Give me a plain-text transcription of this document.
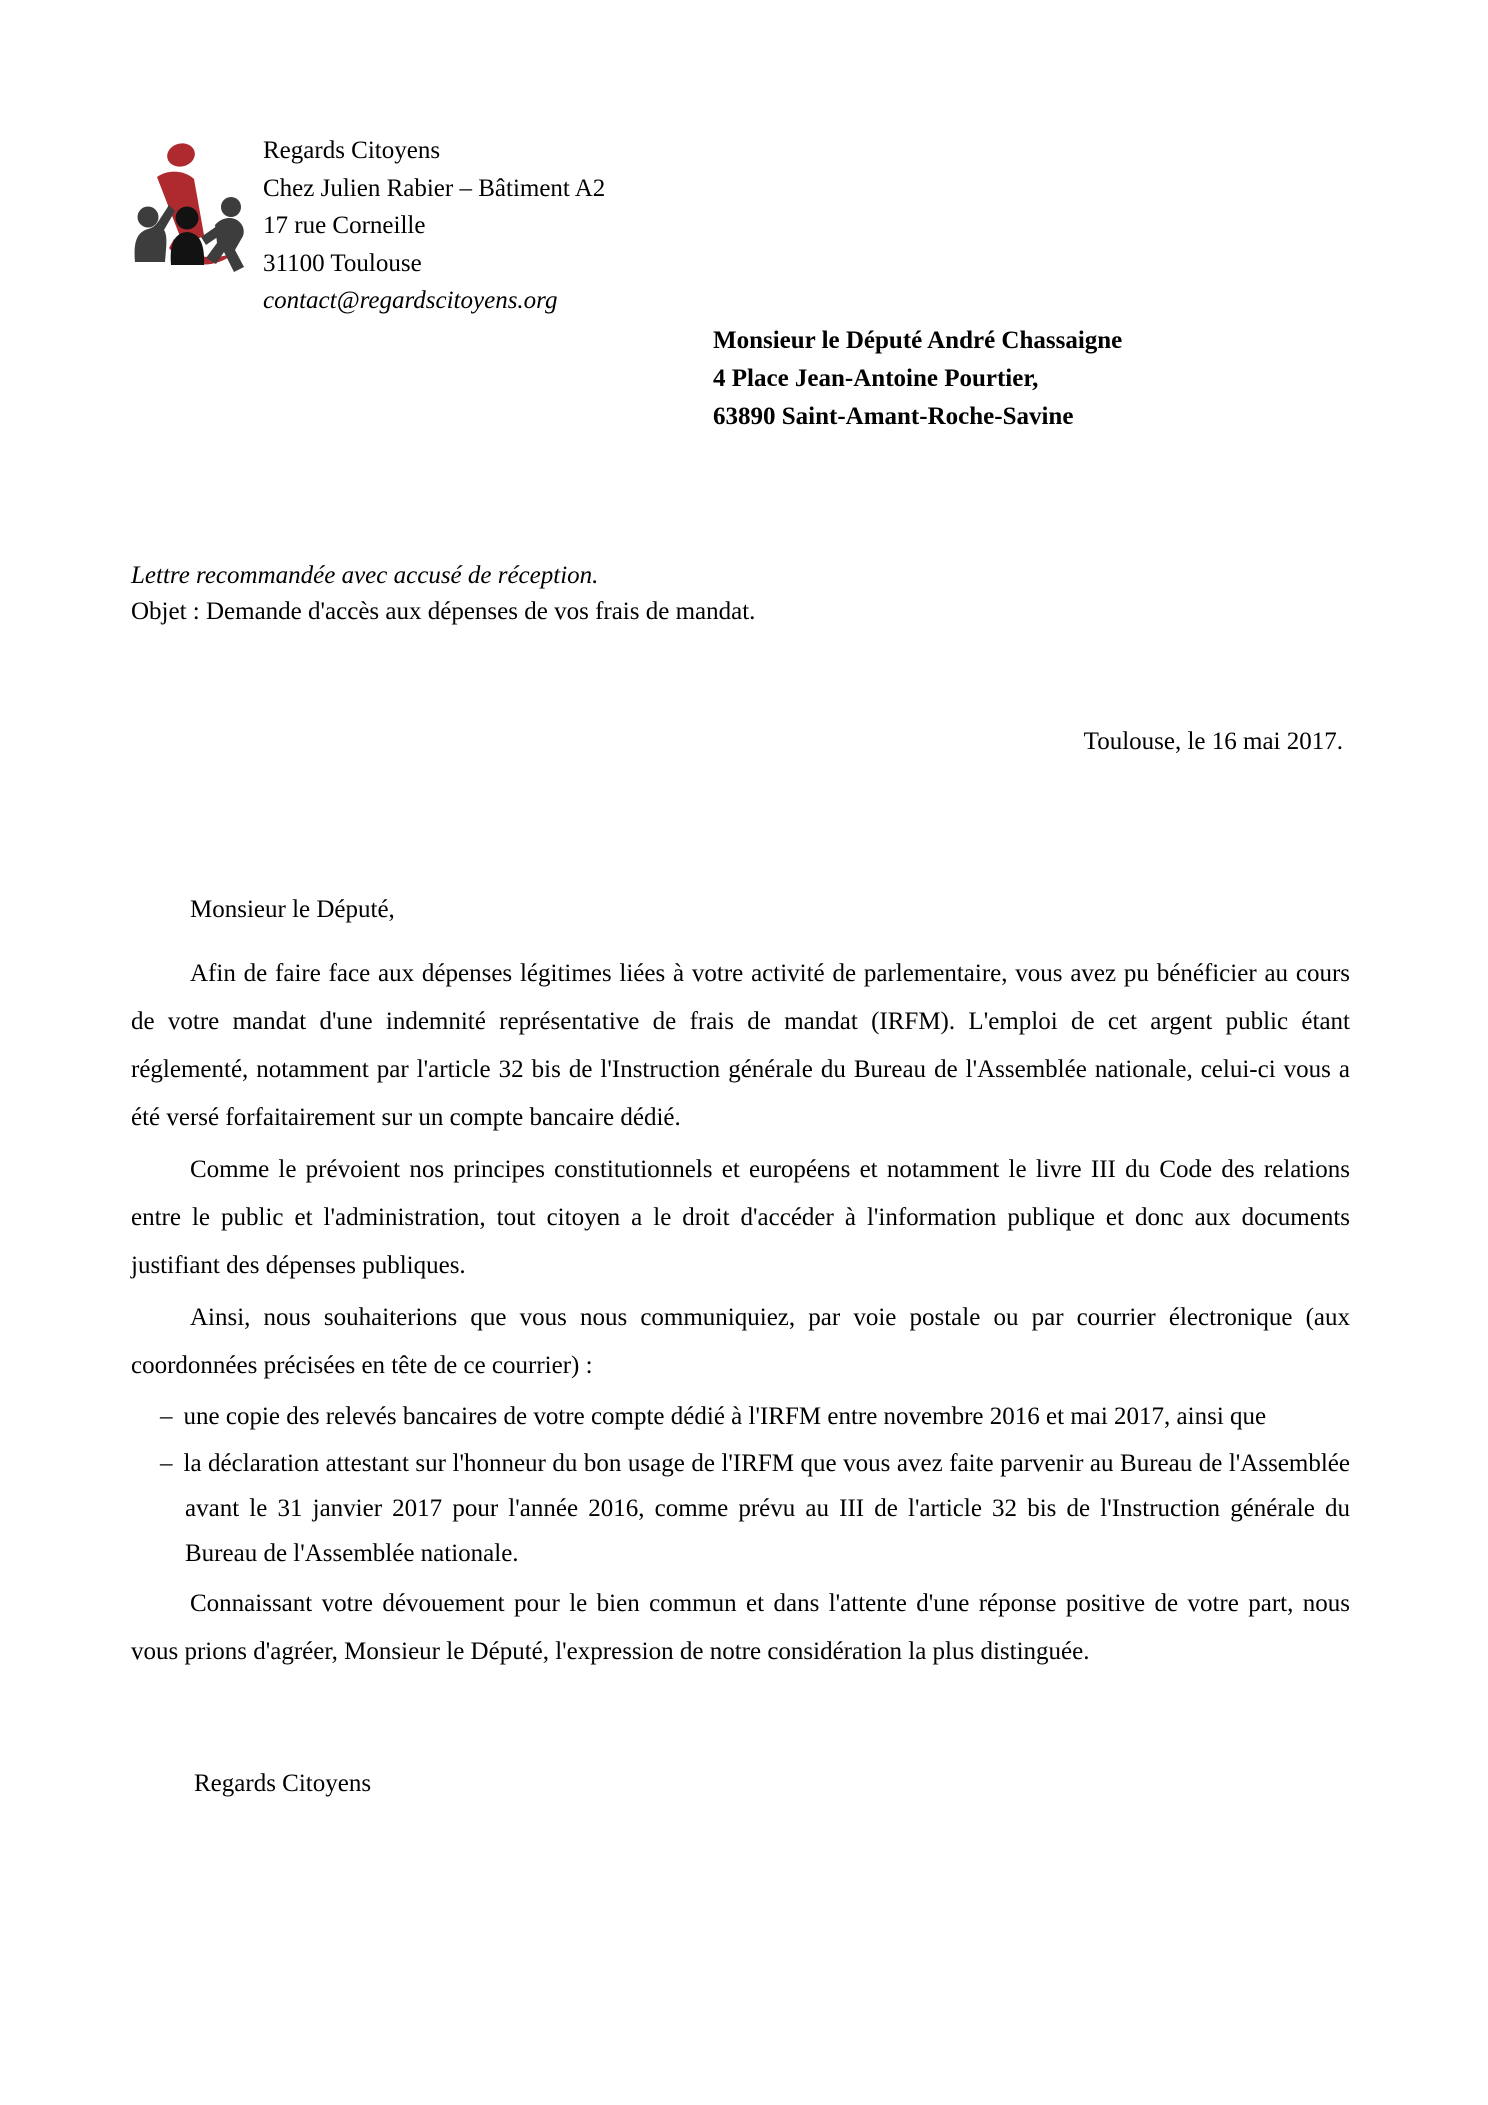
Regards Citoyens
Chez Julien Rabier – Bâtiment A2
17 rue Corneille
31100 Toulouse
contact@regardscitoyens.org
Monsieur le Député André Chassaigne
4 Place Jean-Antoine Pourtier,
63890 Saint-Amant-Roche-Savine
Lettre recommandée avec accusé de réception.
Objet : Demande d'accès aux dépenses de vos frais de mandat.
Toulouse, le 16 mai 2017.

Monsieur le Député,

Afin de faire face aux dépenses légitimes liées à votre activité de parlementaire, vous avez pu bénéficier au cours de votre mandat d'une indemnité représentative de frais de mandat (IRFM). L'emploi de cet argent public étant réglementé, notamment par l'article 32 bis de l'Instruction générale du Bureau de l'Assemblée nationale, celui-ci vous a été versé forfaitairement sur un compte bancaire dédié.

Comme le prévoient nos principes constitutionnels et européens et notamment le livre III du Code des relations entre le public et l'administration, tout citoyen a le droit d'accéder à l'information publique et donc aux documents justifiant des dépenses publiques.

Ainsi, nous souhaiterions que vous nous communiquiez, par voie postale ou par courrier électronique (aux coordonnées précisées en tête de ce courrier) :

– une copie des relevés bancaires de votre compte dédié à l'IRFM entre novembre 2016 et mai 2017, ainsi que
– la déclaration attestant sur l'honneur du bon usage de l'IRFM que vous avez faite parvenir au Bureau de l'Assemblée avant le 31 janvier 2017 pour l'année 2016, comme prévu au III de l'article 32 bis de l'Instruction générale du Bureau de l'Assemblée nationale.

Connaissant votre dévouement pour le bien commun et dans l'attente d'une réponse positive de votre part, nous vous prions d'agréer, Monsieur le Député, l'expression de notre considération la plus distinguée.

Regards Citoyens
